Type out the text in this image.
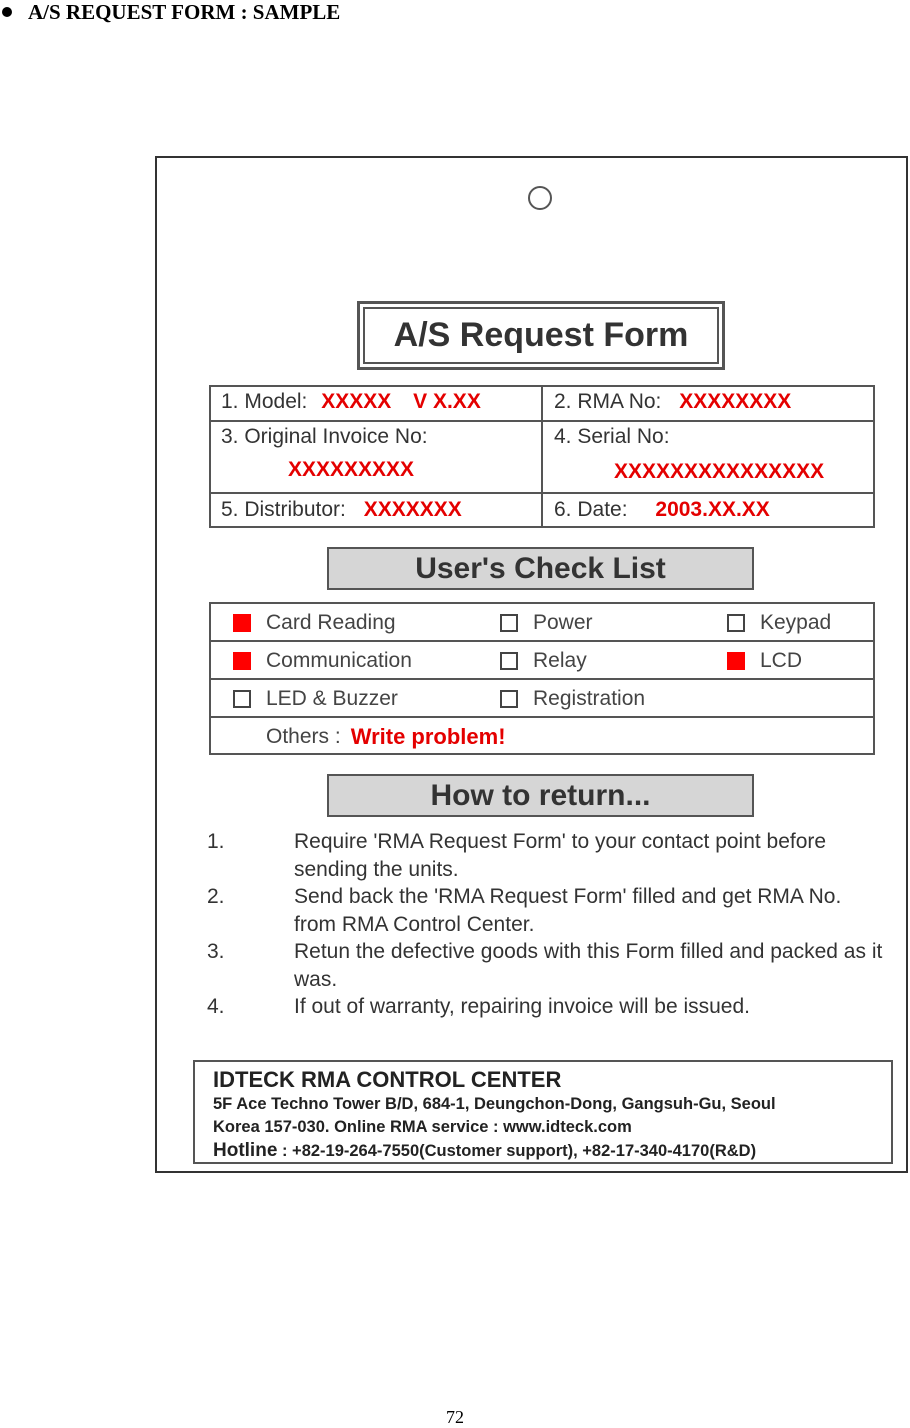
A/S REQUEST FORM : SAMPLE
A/S Request Form
1. Model: XXXXX V X.XX	2. RMA No: XXXXXXXX
3. Original Invoice No:
XXXXXXXXX
4. Serial No:
XXXXXXXXXXXXXXX
5. Distributor: XXXXXXX	6. Date: 2003.XX.XX
User's Check List
Card Reading	Power	Keypad
Communication	Relay	LCD
LED & Buzzer	Registration
Others : Write problem!
How to return...
1.	Require 'RMA Request Form' to your contact point before sending the units.
2.	Send back the 'RMA Request Form' filled and get RMA No. from RMA Control Center.
3.	Retun the defective goods with this Form filled and packed as it was.
4.	If out of warranty, repairing invoice will be issued.
IDTECK RMA CONTROL CENTER
5F Ace Techno Tower B/D, 684-1, Deungchon-Dong, Gangsuh-Gu, Seoul
Korea 157-030. Online RMA service : www.idteck.com
Hotline : +82-19-264-7550(Customer support), +82-17-340-4170(R&D)
72
